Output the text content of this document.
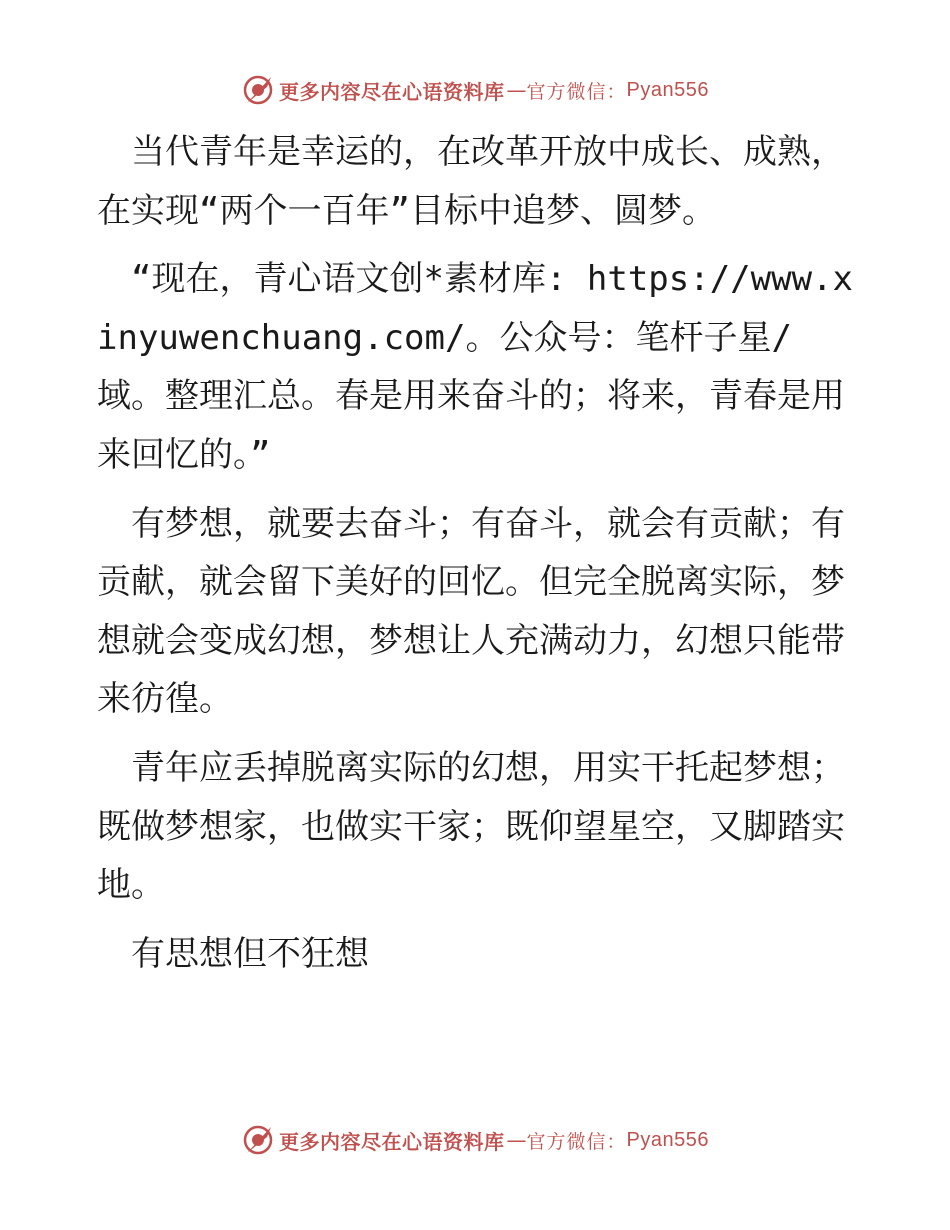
更多内容尽在心语资料库 — 官方微信： Pyan556

　当代青年是幸运的，在改革开放中成长、成熟，在实现“两个一百年”目标中追梦、圆梦。

　“现在，青心语文创*素材库: https://www.xinyuwenchuang.com/。公众号：笔杆子星/域。整理汇总。春是用来奋斗的；将来，青春是用来回忆的。”

　有梦想，就要去奋斗；有奋斗，就会有贡献；有贡献，就会留下美好的回忆。但完全脱离实际，梦想就会变成幻想，梦想让人充满动力，幻想只能带来彷徨。

　青年应丢掉脱离实际的幻想，用实干托起梦想；既做梦想家，也做实干家；既仰望星空，又脚踏实地。

　有思想但不狂想

更多内容尽在心语资料库 — 官方微信： Pyan556
